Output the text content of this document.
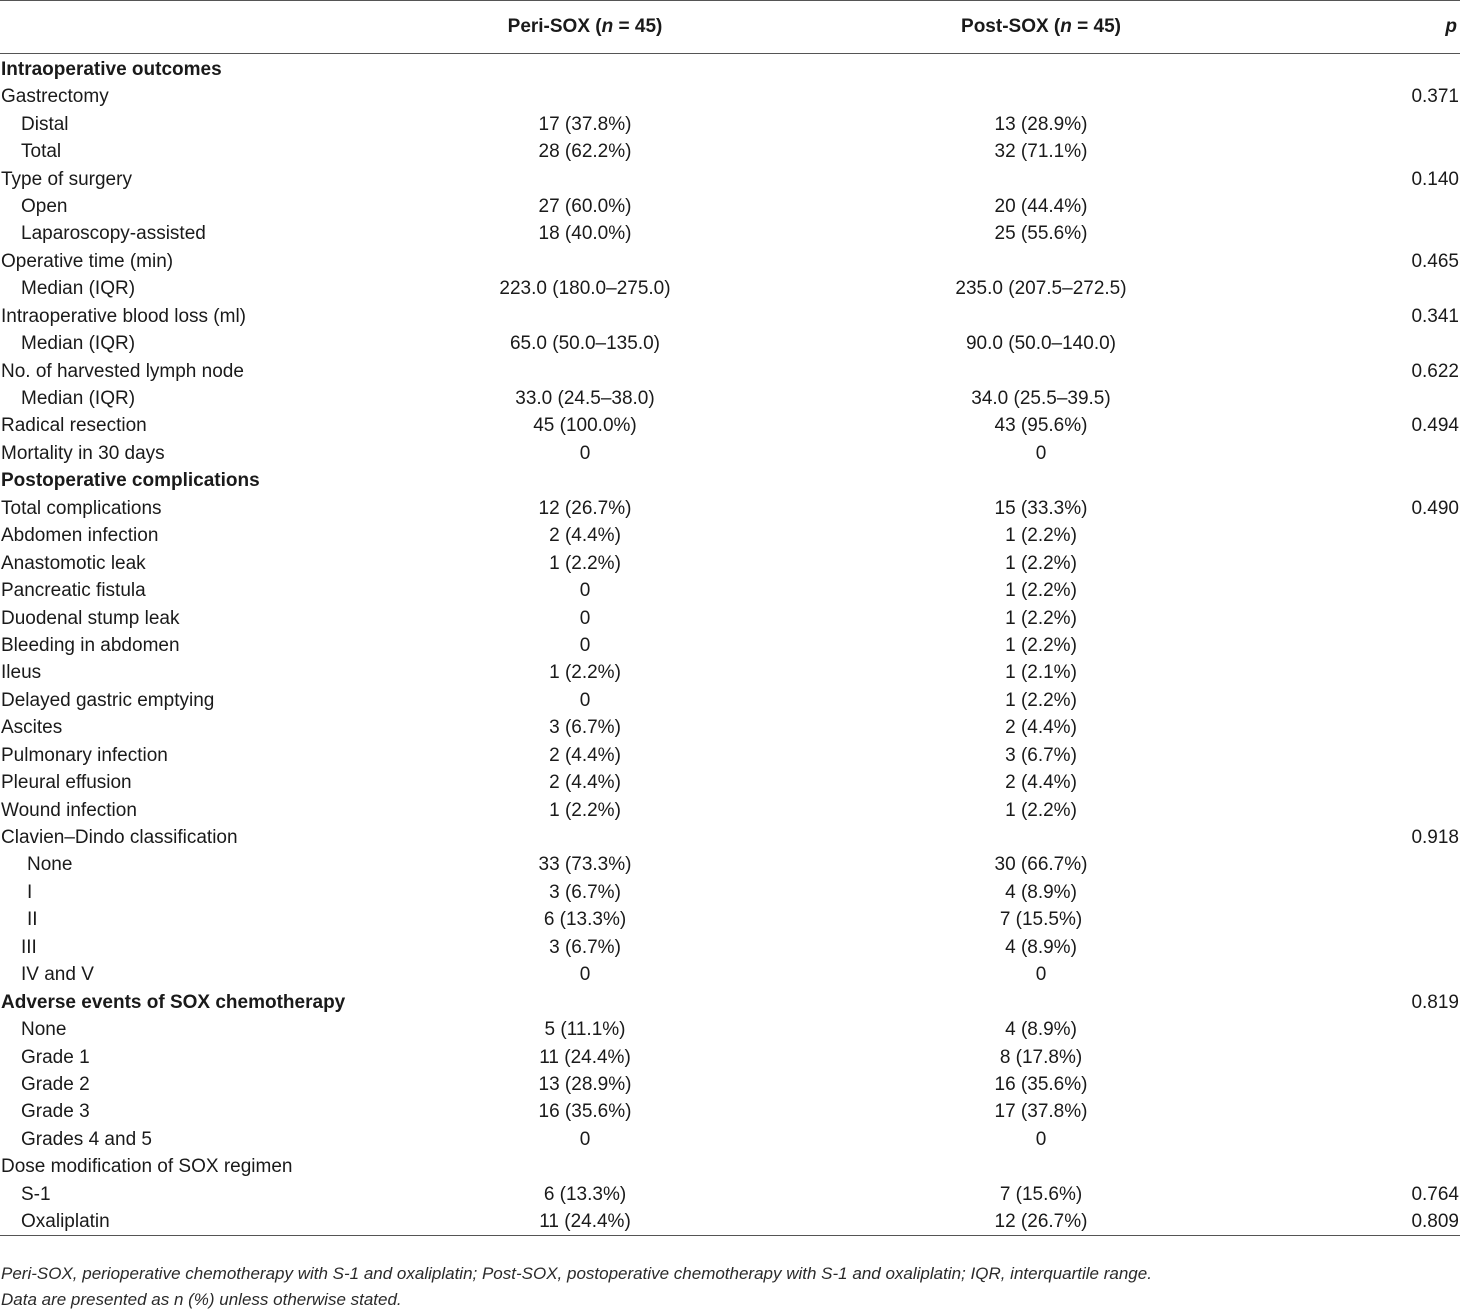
	Peri-SOX (n = 45)	Post-SOX (n = 45)	p
Intraoperative outcomes			
Gastrectomy			0.371
Distal	17 (37.8%)	13 (28.9%)	
Total	28 (62.2%)	32 (71.1%)	
Type of surgery			0.140
Open	27 (60.0%)	20 (44.4%)	
Laparoscopy-assisted	18 (40.0%)	25 (55.6%)	
Operative time (min)			0.465
Median (IQR)	223.0 (180.0–275.0)	235.0 (207.5–272.5)	
Intraoperative blood loss (ml)			0.341
Median (IQR)	65.0 (50.0–135.0)	90.0 (50.0–140.0)	
No. of harvested lymph node			0.622
Median (IQR)	33.0 (24.5–38.0)	34.0 (25.5–39.5)	
Radical resection	45 (100.0%)	43 (95.6%)	0.494
Mortality in 30 days	0	0	
Postoperative complications			
Total complications	12 (26.7%)	15 (33.3%)	0.490
Abdomen infection	2 (4.4%)	1 (2.2%)	
Anastomotic leak	1 (2.2%)	1 (2.2%)	
Pancreatic fistula	0	1 (2.2%)	
Duodenal stump leak	0	1 (2.2%)	
Bleeding in abdomen	0	1 (2.2%)	
Ileus	1 (2.2%)	1 (2.1%)	
Delayed gastric emptying	0	1 (2.2%)	
Ascites	3 (6.7%)	2 (4.4%)	
Pulmonary infection	2 (4.4%)	3 (6.7%)	
Pleural effusion	2 (4.4%)	2 (4.4%)	
Wound infection	1 (2.2%)	1 (2.2%)	
Clavien–Dindo classification			0.918
None	33 (73.3%)	30 (66.7%)	
I	3 (6.7%)	4 (8.9%)	
II	6 (13.3%)	7 (15.5%)	
III	3 (6.7%)	4 (8.9%)	
IV and V	0	0	
Adverse events of SOX chemotherapy			0.819
None	5 (11.1%)	4 (8.9%)	
Grade 1	11 (24.4%)	8 (17.8%)	
Grade 2	13 (28.9%)	16 (35.6%)	
Grade 3	16 (35.6%)	17 (37.8%)	
Grades 4 and 5	0	0	
Dose modification of SOX regimen			
S-1	6 (13.3%)	7 (15.6%)	0.764
Oxaliplatin	11 (24.4%)	12 (26.7%)	0.809
Peri-SOX, perioperative chemotherapy with S-1 and oxaliplatin; Post-SOX, postoperative chemotherapy with S-1 and oxaliplatin; IQR, interquartile range.
Data are presented as n (%) unless otherwise stated.
